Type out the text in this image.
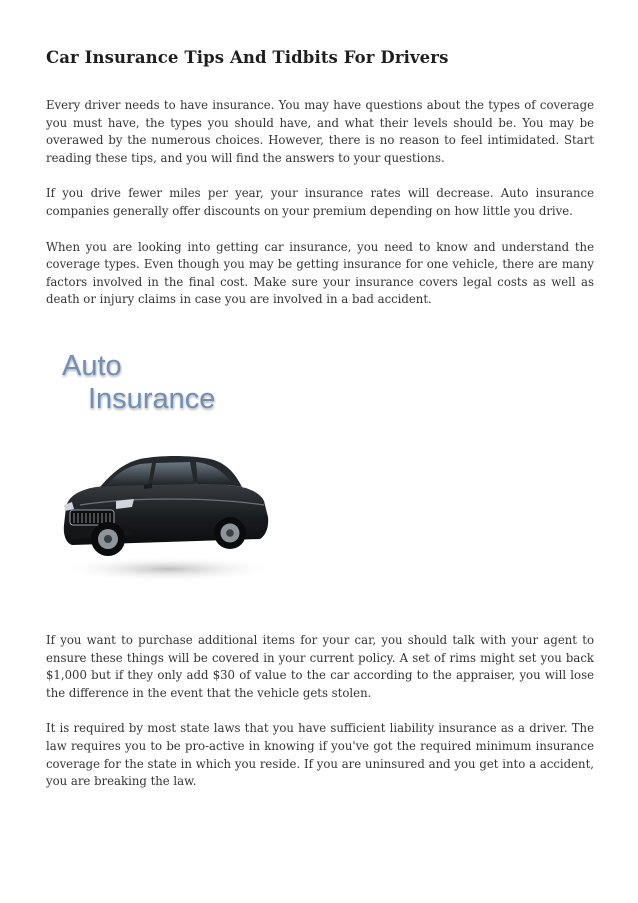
Car Insurance Tips And Tidbits For Drivers

Every driver needs to have insurance. You may have questions about the types of coverage you must have, the types you should have, and what their levels should be. You may be overawed by the numerous choices. However, there is no reason to feel intimidated. Start reading these tips, and you will find the answers to your questions.

If you drive fewer miles per year, your insurance rates will decrease. Auto insurance companies generally offer discounts on your premium depending on how little you drive.

When you are looking into getting car insurance, you need to know and understand the coverage types. Even though you may be getting insurance for one vehicle, there are many factors involved in the final cost. Make sure your insurance covers legal costs as well as death or injury claims in case you are involved in a bad accident.

Auto
Insurance

If you want to purchase additional items for your car, you should talk with your agent to ensure these things will be covered in your current policy. A set of rims might set you back $1,000 but if they only add $30 of value to the car according to the appraiser, you will lose the difference in the event that the vehicle gets stolen.

It is required by most state laws that you have sufficient liability insurance as a driver. The law requires you to be pro-active in knowing if you've got the required minimum insurance coverage for the state in which you reside. If you are uninsured and you get into a accident, you are breaking the law.
